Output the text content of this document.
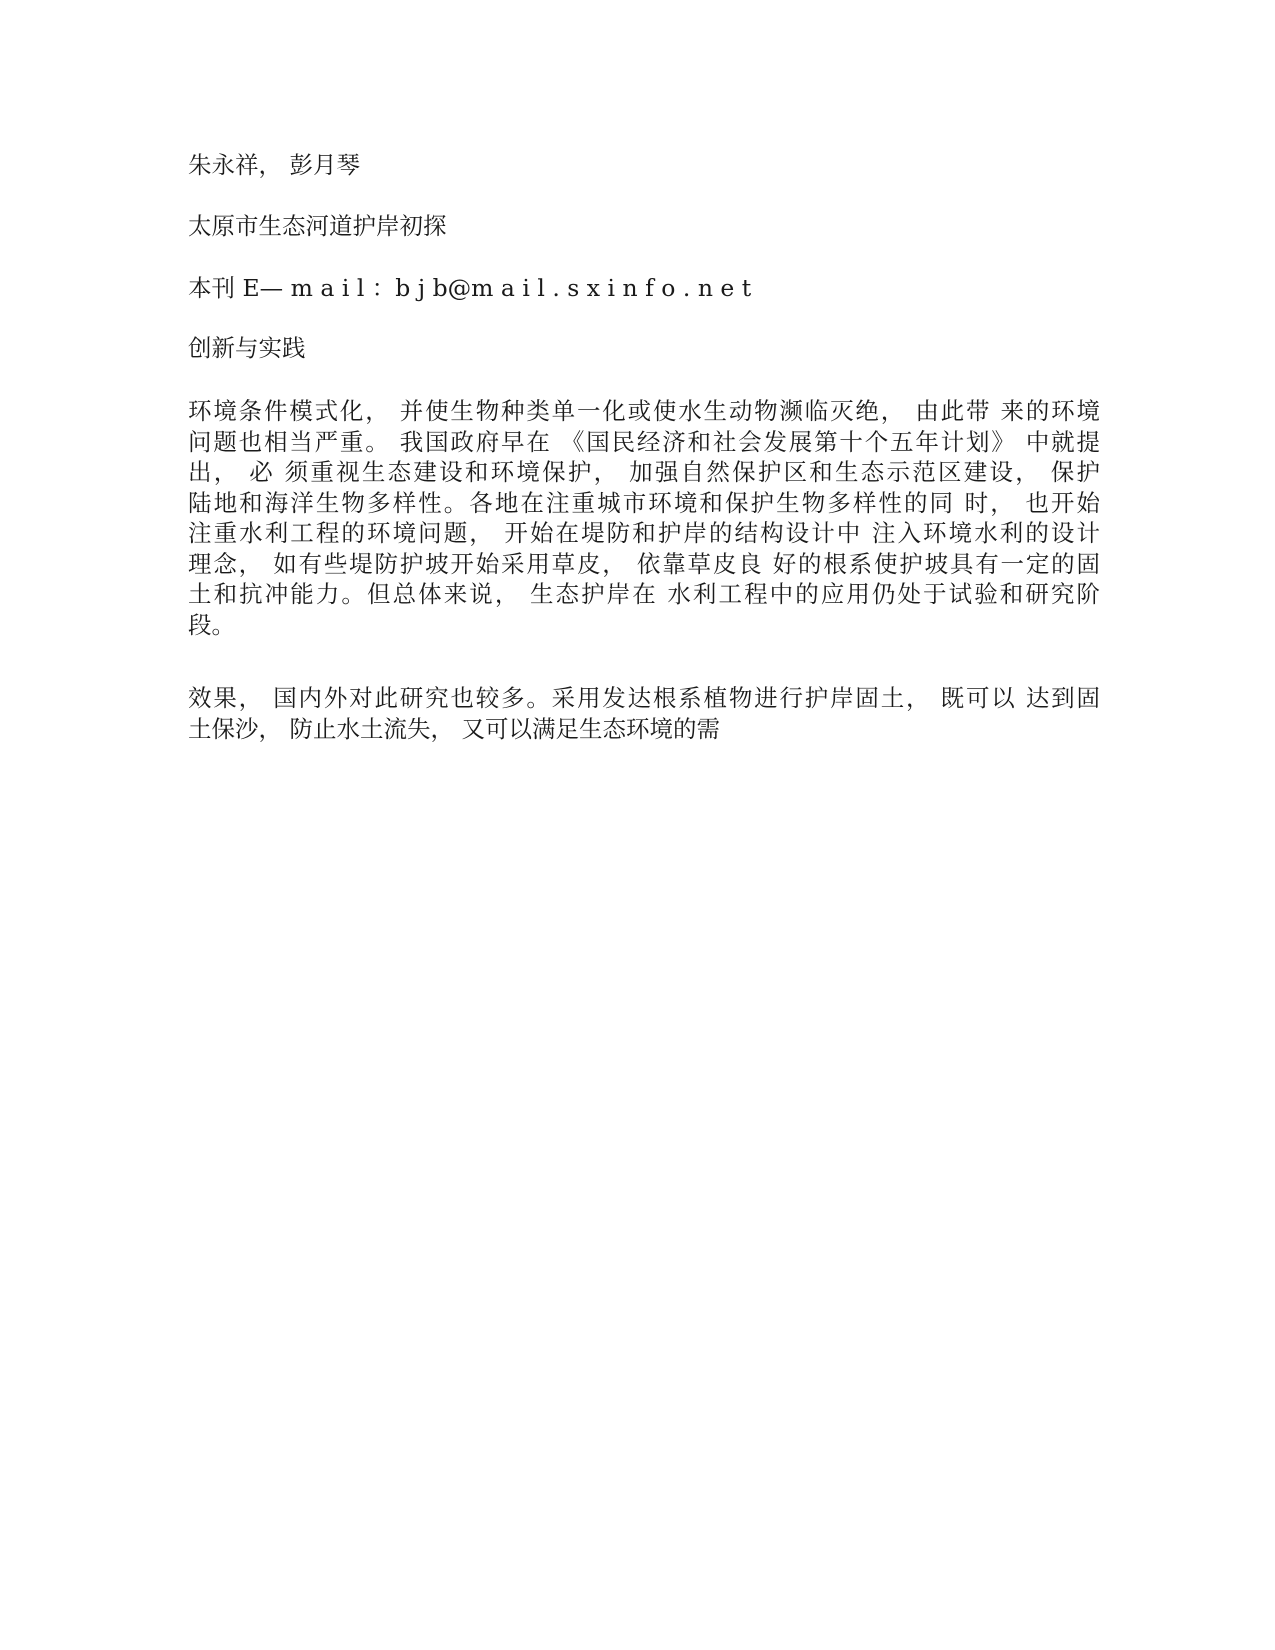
朱永祥， 彭月琴
太原市生态河道护岸初探
本刊 E— m a i l ：b j b@m a i l . s x i n f o . n e t
创新与实践
环境条件模式化， 并使生物种类单一化或使水生动物濒临灭绝， 由此带 来的环境
问题也相当严重。 我国政府早在 《国民经济和社会发展第十个五年计划》 中就提
出， 必 须重视生态建设和环境保护， 加强自然保护区和生态示范区建设， 保护
陆地和海洋生物多样性。各地在注重城市环境和保护生物多样性的同 时， 也开始
注重水利工程的环境问题， 开始在堤防和护岸的结构设计中 注入环境水利的设计
理念， 如有些堤防护坡开始采用草皮， 依靠草皮良 好的根系使护坡具有一定的固
土和抗冲能力。但总体来说， 生态护岸在 水利工程中的应用仍处于试验和研究阶
段。
效果， 国内外对此研究也较多。采用发达根系植物进行护岸固土， 既可以 达到固
土保沙， 防止水土流失， 又可以满足生态环境的需
